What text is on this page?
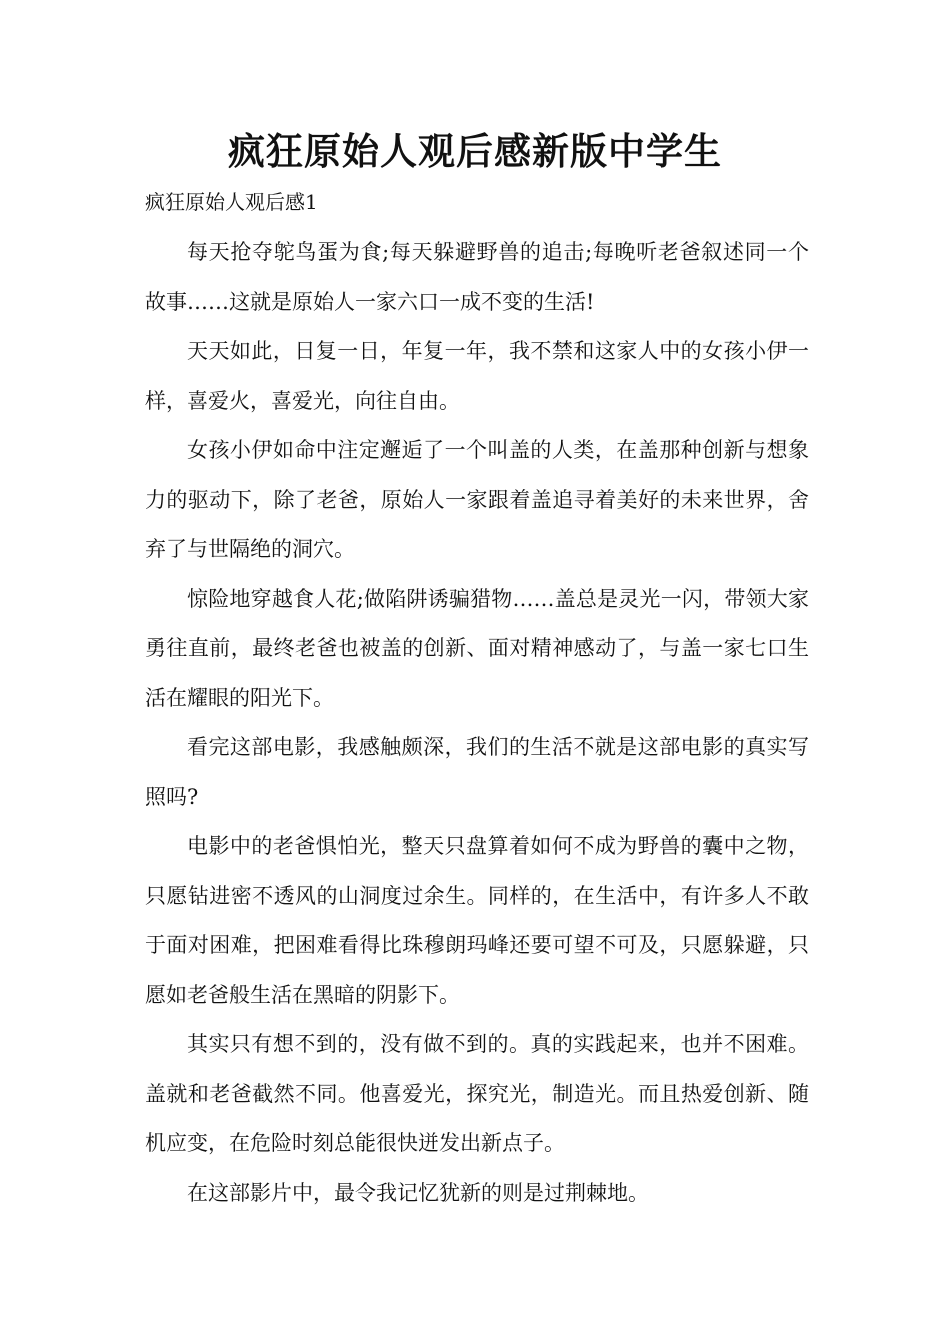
疯狂原始人观后感新版中学生

疯狂原始人观后感1

每天抢夺鸵鸟蛋为食;每天躲避野兽的追击;每晚听老爸叙述同一个故事……这就是原始人一家六口一成不变的生活!

天天如此，日复一日，年复一年，我不禁和这家人中的女孩小伊一样，喜爱火，喜爱光，向往自由。

女孩小伊如命中注定邂逅了一个叫盖的人类，在盖那种创新与想象力的驱动下，除了老爸，原始人一家跟着盖追寻着美好的未来世界，舍弃了与世隔绝的洞穴。

惊险地穿越食人花;做陷阱诱骗猎物……盖总是灵光一闪，带领大家勇往直前，最终老爸也被盖的创新、面对精神感动了，与盖一家七口生活在耀眼的阳光下。

看完这部电影，我感触颇深，我们的生活不就是这部电影的真实写照吗?

电影中的老爸惧怕光，整天只盘算着如何不成为野兽的囊中之物，只愿钻进密不透风的山洞度过余生。同样的，在生活中，有许多人不敢于面对困难，把困难看得比珠穆朗玛峰还要可望不可及，只愿躲避，只愿如老爸般生活在黑暗的阴影下。

其实只有想不到的，没有做不到的。真的实践起来，也并不困难。盖就和老爸截然不同。他喜爱光，探究光，制造光。而且热爱创新、随机应变，在危险时刻总能很快迸发出新点子。

在这部影片中，最令我记忆犹新的则是过荆棘地。
